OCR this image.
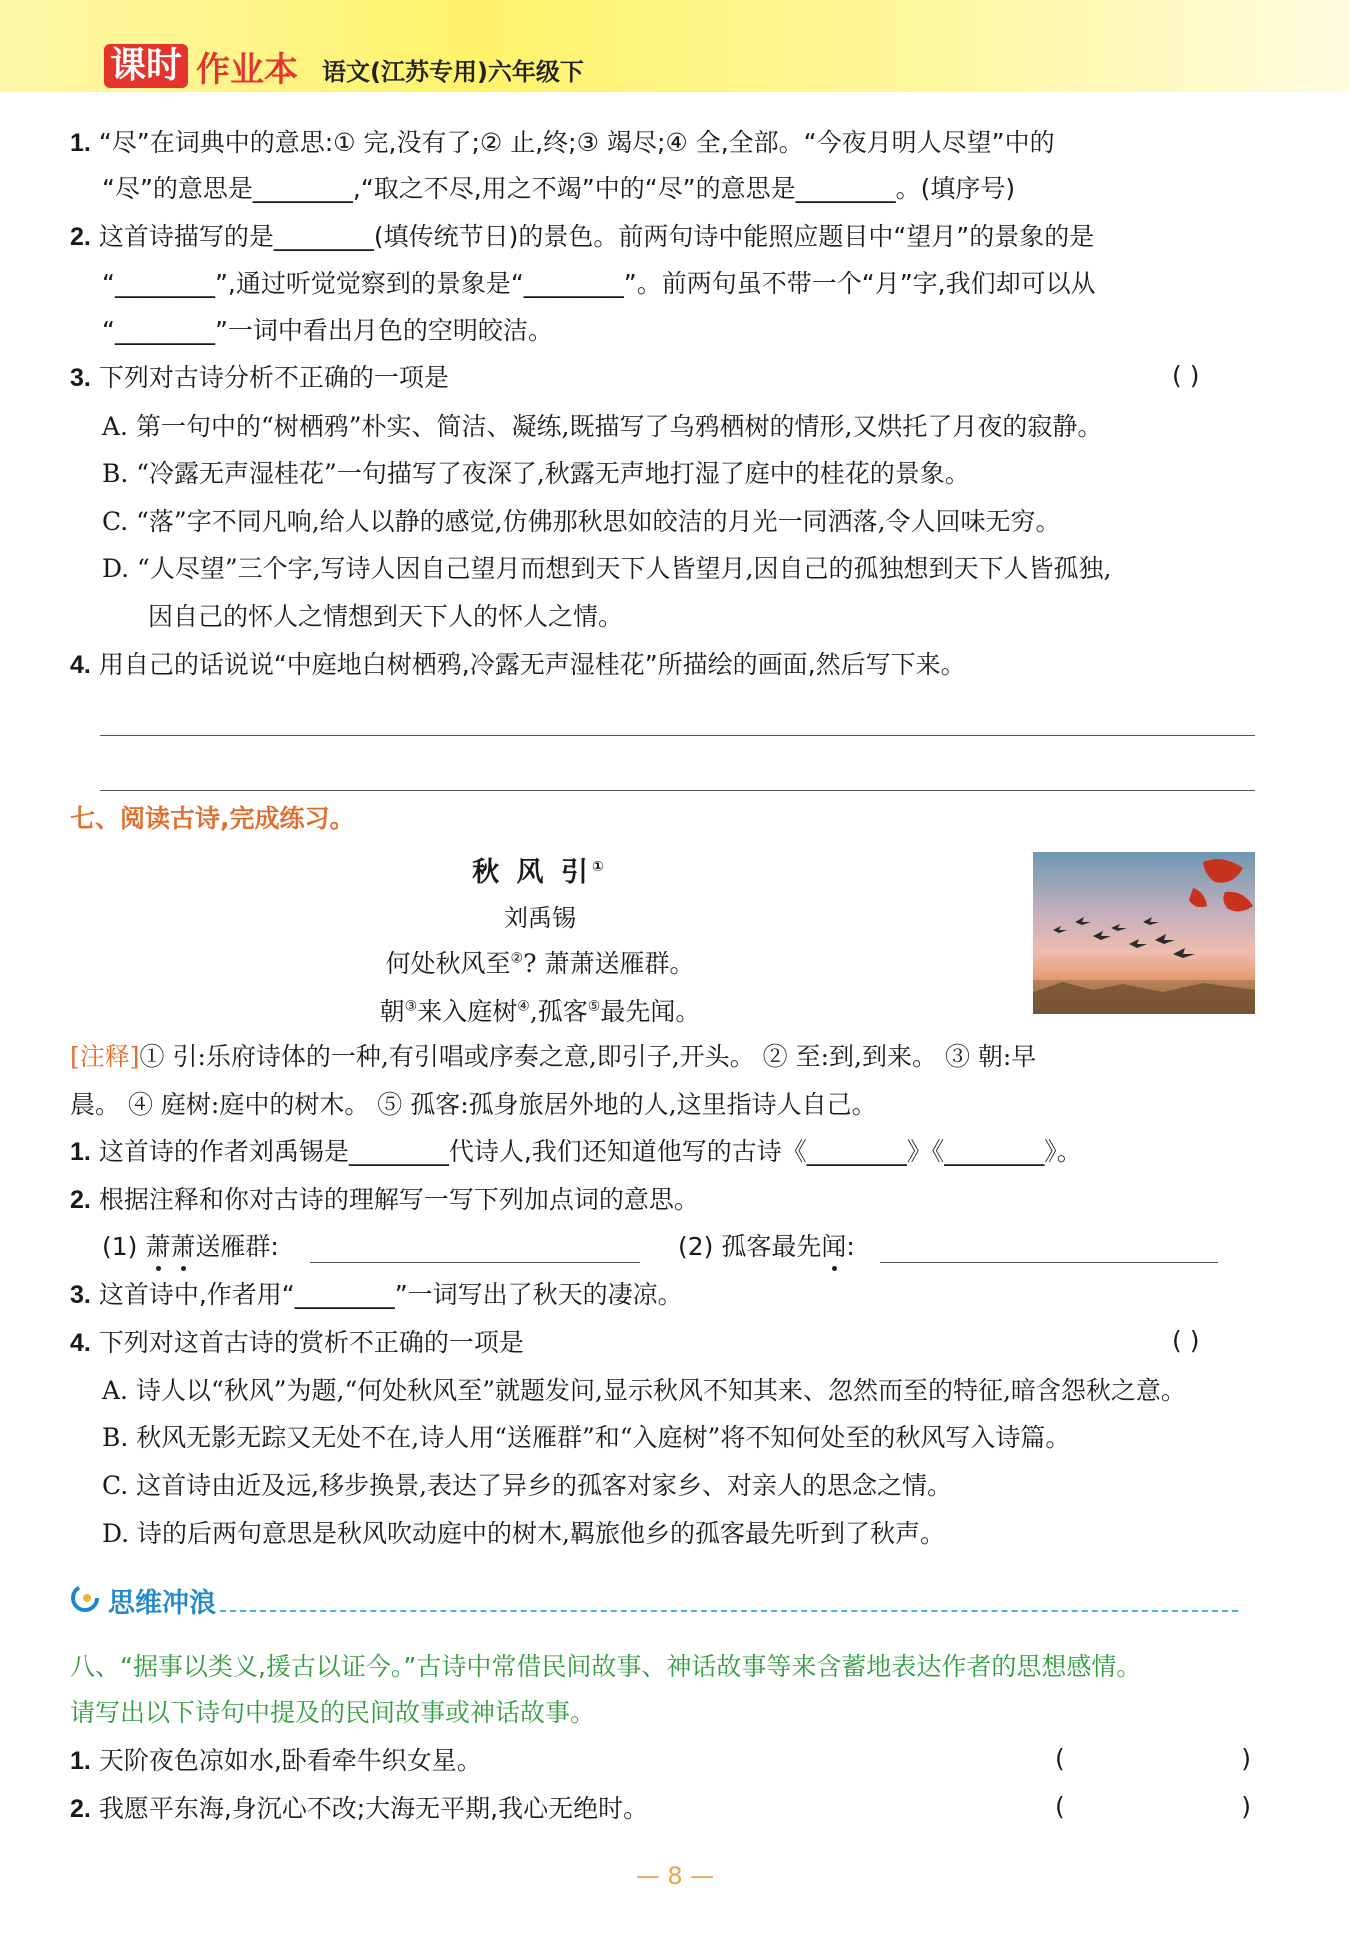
课时 作业本 语文(江苏专用)六年级下
1. “尽”在词典中的意思:① 完,没有了;② 止,终;③ 竭尽;④ 全,全部。“今夜月明人尽望”中的
“尽”的意思是________,“取之不尽,用之不竭”中的“尽”的意思是________。(填序号)
2. 这首诗描写的是________(填传统节日)的景色。前两句诗中能照应题目中“望月”的景象的是
“________”,通过听觉觉察到的景象是“________”。前两句虽不带一个“月”字,我们却可以从
“________”一词中看出月色的空明皎洁。
3. 下列对古诗分析不正确的一项是	( )
A. 第一句中的“树栖鸦”朴实、简洁、凝练,既描写了乌鸦栖树的情形,又烘托了月夜的寂静。
B. “冷露无声湿桂花”一句描写了夜深了,秋露无声地打湿了庭中的桂花的景象。
C. “落”字不同凡响,给人以静的感觉,仿佛那秋思如皎洁的月光一同洒落,令人回味无穷。
D. “人尽望”三个字,写诗人因自己望月而想到天下人皆望月,因自己的孤独想到天下人皆孤独,
因自己的怀人之情想到天下人的怀人之情。
4. 用自己的话说说“中庭地白树栖鸦,冷露无声湿桂花”所描绘的画面,然后写下来。
七、阅读古诗,完成练习。
秋 风 引①
刘禹锡
何处秋风至②? 萧萧送雁群。
朝③来入庭树④,孤客⑤最先闻。
[注释]① 引:乐府诗体的一种,有引唱或序奏之意,即引子,开头。 ② 至:到,到来。 ③ 朝:早
晨。 ④ 庭树:庭中的树木。 ⑤ 孤客:孤身旅居外地的人,这里指诗人自己。
1. 这首诗的作者刘禹锡是________代诗人,我们还知道他写的古诗《________》《________》。
2. 根据注释和你对古诗的理解写一写下列加点词的意思。
(1) 萧萧送雁群:	(2) 孤客最先闻:
3. 这首诗中,作者用“________”一词写出了秋天的凄凉。
4. 下列对这首古诗的赏析不正确的一项是	( )
A. 诗人以“秋风”为题,“何处秋风至”就题发问,显示秋风不知其来、忽然而至的特征,暗含怨秋之意。
B. 秋风无影无踪又无处不在,诗人用“送雁群”和“入庭树”将不知何处至的秋风写入诗篇。
C. 这首诗由近及远,移步换景,表达了异乡的孤客对家乡、对亲人的思念之情。
D. 诗的后两句意思是秋风吹动庭中的树木,羁旅他乡的孤客最先听到了秋声。
思维冲浪
八、“据事以类义,援古以证今。”古诗中常借民间故事、神话故事等来含蓄地表达作者的思想感情。
请写出以下诗句中提及的民间故事或神话故事。
1. 天阶夜色凉如水,卧看牵牛织女星。	(	)
2. 我愿平东海,身沉心不改;大海无平期,我心无绝时。	(	)
— 8 —
